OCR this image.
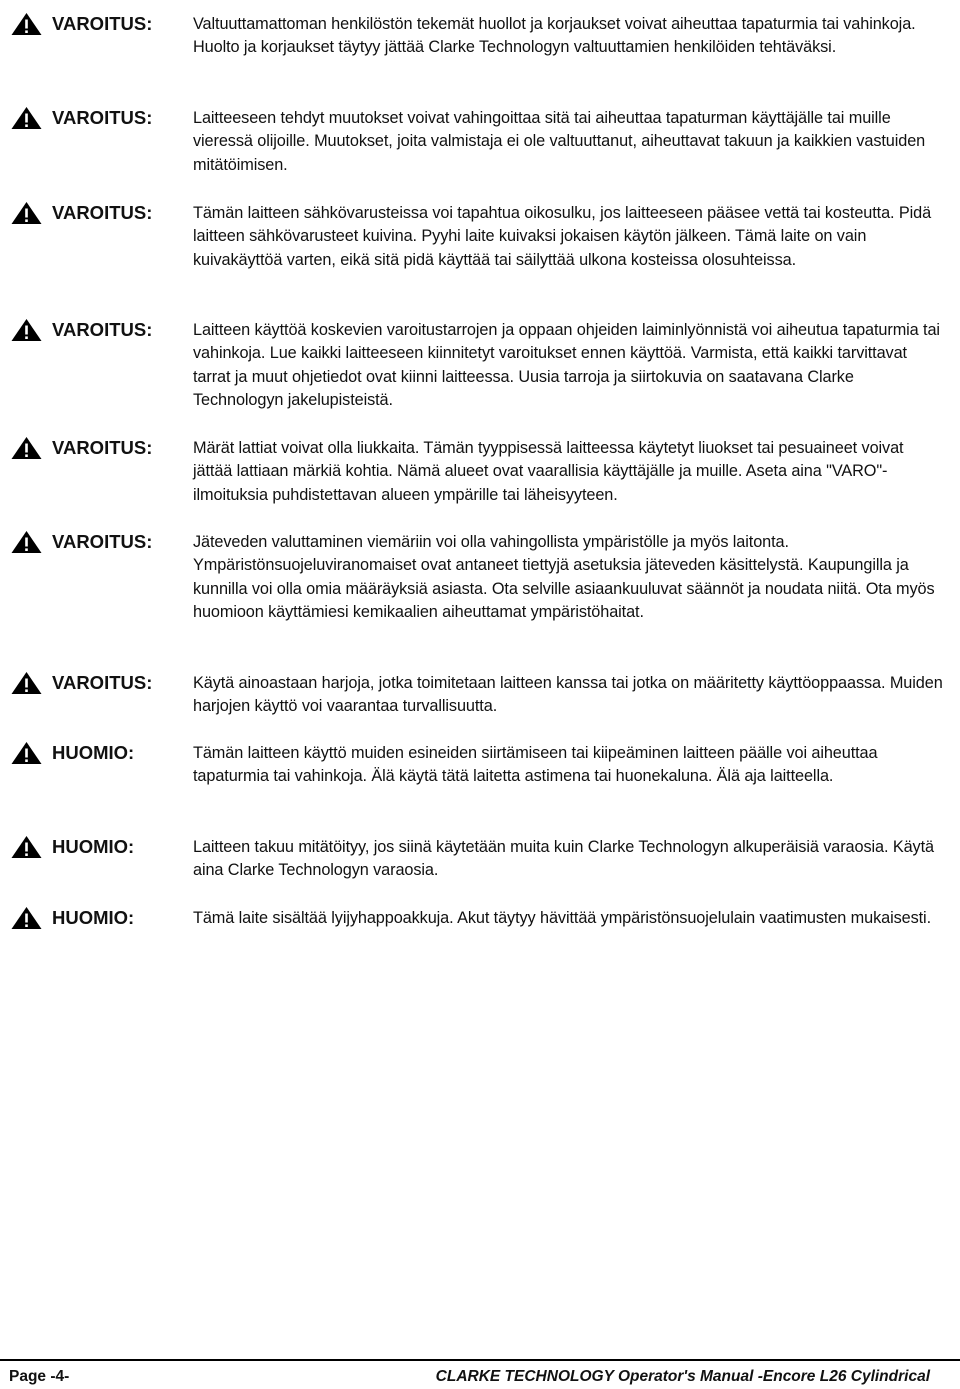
VAROITUS: Valtuuttamattoman henkilöstön tekemät huollot ja korjaukset voivat aiheuttaa tapaturmia tai vahinkoja. Huolto ja korjaukset täytyy jättää Clarke Technologyn valtuuttamien henkilöiden tehtäväksi.
VAROITUS: Laitteeseen tehdyt muutokset voivat vahingoittaa sitä tai aiheuttaa tapaturman käyttäjälle tai muille vieressä olijoille. Muutokset, joita valmistaja ei ole valtuuttanut, aiheuttavat takuun ja kaikkien vastuiden mitätöimisen.
VAROITUS: Tämän laitteen sähkövarusteissa voi tapahtua oikosulku, jos laitteeseen pääsee vettä tai kosteutta. Pidä laitteen sähkövarusteet kuivina. Pyyhi laite kuivaksi jokaisen käytön jälkeen. Tämä laite on vain kuivakäyttöä varten, eikä sitä pidä käyttää tai säilyttää ulkona kosteissa olosuhteissa.
VAROITUS: Laitteen käyttöä koskevien varoitustarrojen ja oppaan ohjeiden laiminlyönnistä voi aiheutua tapaturmia tai vahinkoja. Lue kaikki laitteeseen kiinnitetyt varoitukset ennen käyttöä. Varmista, että kaikki tarvittavat tarrat ja muut ohjetiedot ovat kiinni laitteessa. Uusia tarroja ja siirtokuvia on saatavana Clarke Technologyn jakelupisteistä.
VAROITUS: Märät lattiat voivat olla liukkaita. Tämän tyyppisessä laitteessa käytetyt liuokset tai pesuaineet voivat jättää lattiaan märkiä kohtia. Nämä alueet ovat vaarallisia käyttäjälle ja muille. Aseta aina "VARO"-ilmoituksia puhdistettavan alueen ympärille tai läheisyyteen.
VAROITUS: Jäteveden valuttaminen viemäriin voi olla vahingollista ympäristölle ja myös laitonta. Ympäristönsuojeluviranomaiset ovat antaneet tiettyjä asetuksia jäteveden käsittelystä. Kaupungilla ja kunnilla voi olla omia määräyksiä asiasta. Ota selville asiaankuuluvat säännöt ja noudata niitä. Ota myös huomioon käyttämiesi kemikaalien aiheuttamat ympäristöhaitat.
VAROITUS: Käytä ainoastaan harjoja, jotka toimitetaan laitteen kanssa tai jotka on määritetty käyttöoppaassa. Muiden harjojen käyttö voi vaarantaa turvallisuutta.
HUOMIO:	Tämän laitteen käyttö muiden esineiden siirtämiseen tai kiipeäminen laitteen päälle voi aiheuttaa tapaturmia tai vahinkoja. Älä käytä tätä laitetta astimena tai huonekaluna. Älä aja laitteella.
HUOMIO:	Laitteen takuu mitätöityy, jos siinä käytetään muita kuin Clarke Technologyn alkuperäisiä varaosia. Käytä aina Clarke Technologyn varaosia.
HUOMIO:	Tämä laite sisältää lyijyhappoakkuja. Akut täytyy hävittää ympäristönsuojelulain vaatimusten mukaisesti.
Page -4-	CLARKE TECHNOLOGY Operator's Manual -Encore L26 Cylindrical
